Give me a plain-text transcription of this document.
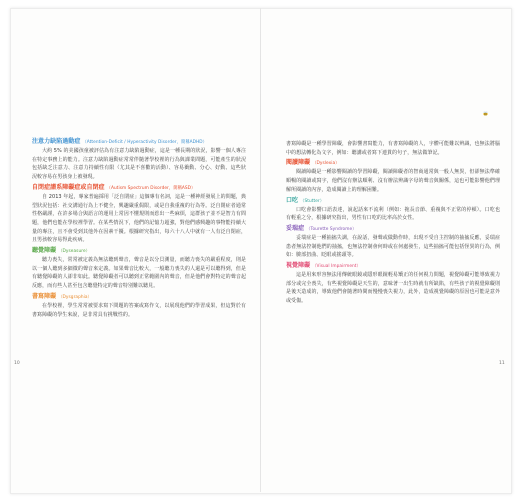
注意力缺陷過動症 （Attention-Deficit / Hyperactivity Disorder，簡稱ADHD）

大約 5% 的美國孩童被評估為有注意力缺陷過動症，這是一種長期的狀況，影響一個人專注在特定事務上的能力。注意力缺陷過動症常常伴隨著學校裡的行為與課業問題，可能產生的狀況包括缺乏注意力、注意力持續性有限（尤其是不喜歡的活動）、容易衝動、分心、好動、這些狀況較容易在男孩身上被發現。

自閉症譜系障礙症或自閉症 （Autism Spectrum Disorder，簡稱ASD）

自 2013 年起，專家普遍採用「泛自閉症」這個專有名詞，這是一種神經發展上的問題，典型狀況包括：社交溝通行為上不健全，興趣嚴重侷限，或是自我重複的行為等。泛自閉症者通常性格嚴謹，在許多場合與語言的運用上常因不懂規則而惹出一些麻煩，這群孩子並不是智力有問題，他們也能在學校裡學習。在某些情況下，他們的記憶力超強，對他們感興趣的事物能持續大量的專注，且不會受到其他外在因素干擾。根據研究指出，每六十八人中就有一人有泛自閉症，且男孩較容易得此疾病。

聽覺障礙 （Dyseasure）

聽力喪失，常常被定義為無法聽到聲音，聲音是以分貝測量，而聽力喪失的嚴重程度，則是以一個人聽到多細微的聲音來定義。如果聲音比較大，一般聽力喪失的人還是可以聽得到，但是有聽覺障礙的人卻非如此。聽覺障礙者可以聽到正常範圍內的聲音，但是他們會對特定的聲音起反應，而有些人甚至包含聽覺特定的聲音特別難以聽見。

書寫障礙 （Dysgraphia）

在學校裡，學生常常被要求寫下問題的答案或寫作文，以展現他們的學習成果，但這對於有書寫障礙的學生來說，是非常具有挑戰性的。

書寫障礙是一種學習障礙，會影響書寫能力，有書寫障礙的人，字體可能難以辨識，也無法將腦中的想法轉化為文字，例如：聽講或者寫下連貫的句子，無法做筆記。

閱讀障礙 （Dyslexia）

閱讀障礙是一種影響閱讀的學習障礙，閱讀障礙者的智商通常與一般人無異，但卻無法準確順暢的閱讀或寫字，他們沒有辦法順利、沒有辦法辨識字母的聲音與關係，這也可能影響他們理解所閱讀的內容，造成閱讀上的理解困難。

口吃 （Stutter）

口吃會影響口語表達，說起話來不流利（例如：拖長音節、重複與不正常的停頓）。口吃也有輕重之分，根據研究指出，男性有口吃的比率高於女性。

妥瑞症 （Tourette Syndrome）

妥瑞症是一種抽搐失調，在說話，發聲或做動作時，出現不受自主控制的抽搐反應，妥瑞症患者無法控制他們的抽搐，也無法控制會何時或在何處發生，這些抽搐可能包括怪異的行為，例如：臉部扭曲、眨眼或搖頭等。

視覺障礙 （Visual Impairment）

這是用來形容無法用傳統眼鏡或隱形眼鏡輕易矯正的任何視力問題，視覺障礙可能導致視力部分或完全喪失，有些視覺障礙是天生的，意味著一出生時就有所缺陷，有些孩子的視覺障礙則是後天造成的，導致他們會隨著時間而慢慢喪失視力，此外，造成視覺障礙的原因也可能是意外或受傷。

10	11
